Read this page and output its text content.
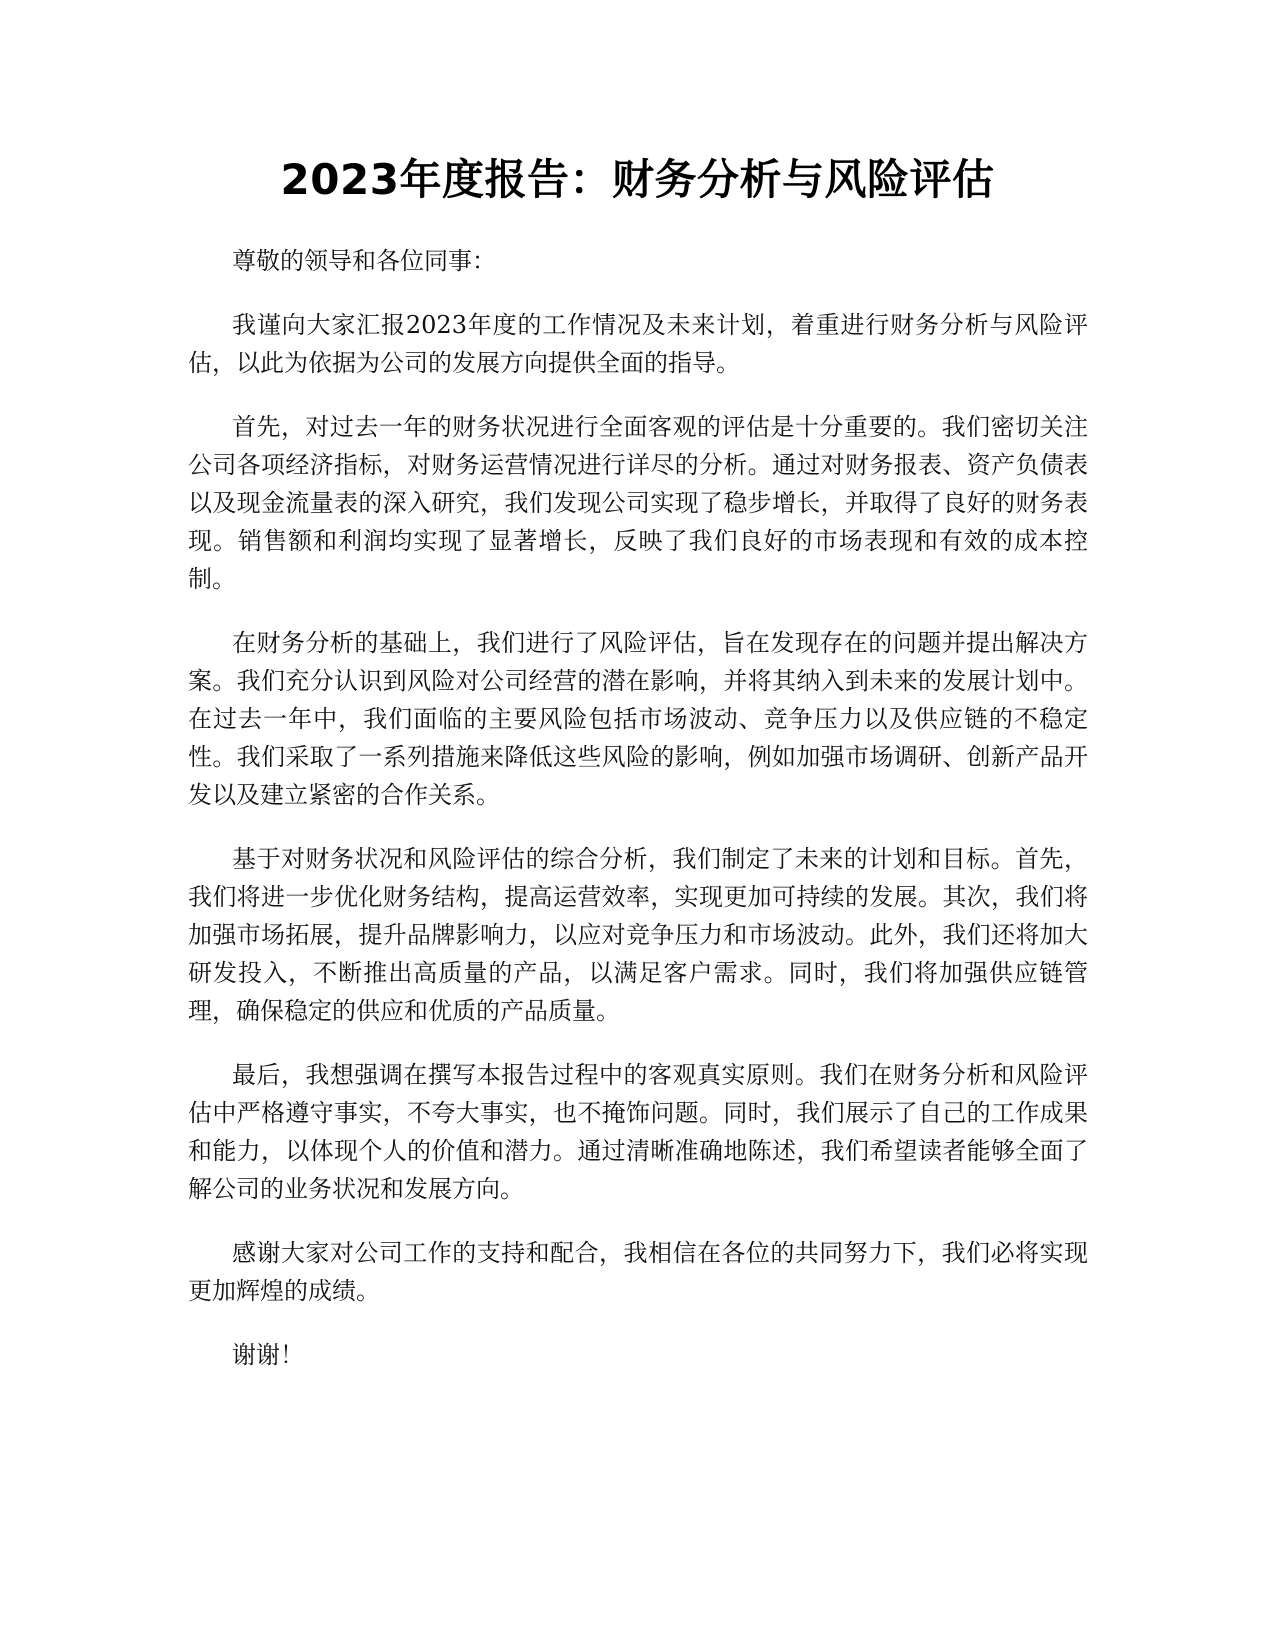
2023年度报告：财务分析与风险评估

尊敬的领导和各位同事：

我谨向大家汇报2023年度的工作情况及未来计划，着重进行财务分析与风险评估，以此为依据为公司的发展方向提供全面的指导。

首先，对过去一年的财务状况进行全面客观的评估是十分重要的。我们密切关注公司各项经济指标，对财务运营情况进行详尽的分析。通过对财务报表、资产负债表以及现金流量表的深入研究，我们发现公司实现了稳步增长，并取得了良好的财务表现。销售额和利润均实现了显著增长，反映了我们良好的市场表现和有效的成本控制。

在财务分析的基础上，我们进行了风险评估，旨在发现存在的问题并提出解决方案。我们充分认识到风险对公司经营的潜在影响，并将其纳入到未来的发展计划中。在过去一年中，我们面临的主要风险包括市场波动、竞争压力以及供应链的不稳定性。我们采取了一系列措施来降低这些风险的影响，例如加强市场调研、创新产品开发以及建立紧密的合作关系。

基于对财务状况和风险评估的综合分析，我们制定了未来的计划和目标。首先，我们将进一步优化财务结构，提高运营效率，实现更加可持续的发展。其次，我们将加强市场拓展，提升品牌影响力，以应对竞争压力和市场波动。此外，我们还将加大研发投入，不断推出高质量的产品，以满足客户需求。同时，我们将加强供应链管理，确保稳定的供应和优质的产品质量。

最后，我想强调在撰写本报告过程中的客观真实原则。我们在财务分析和风险评估中严格遵守事实，不夸大事实，也不掩饰问题。同时，我们展示了自己的工作成果和能力，以体现个人的价值和潜力。通过清晰准确地陈述，我们希望读者能够全面了解公司的业务状况和发展方向。

感谢大家对公司工作的支持和配合，我相信在各位的共同努力下，我们必将实现更加辉煌的成绩。

谢谢！
